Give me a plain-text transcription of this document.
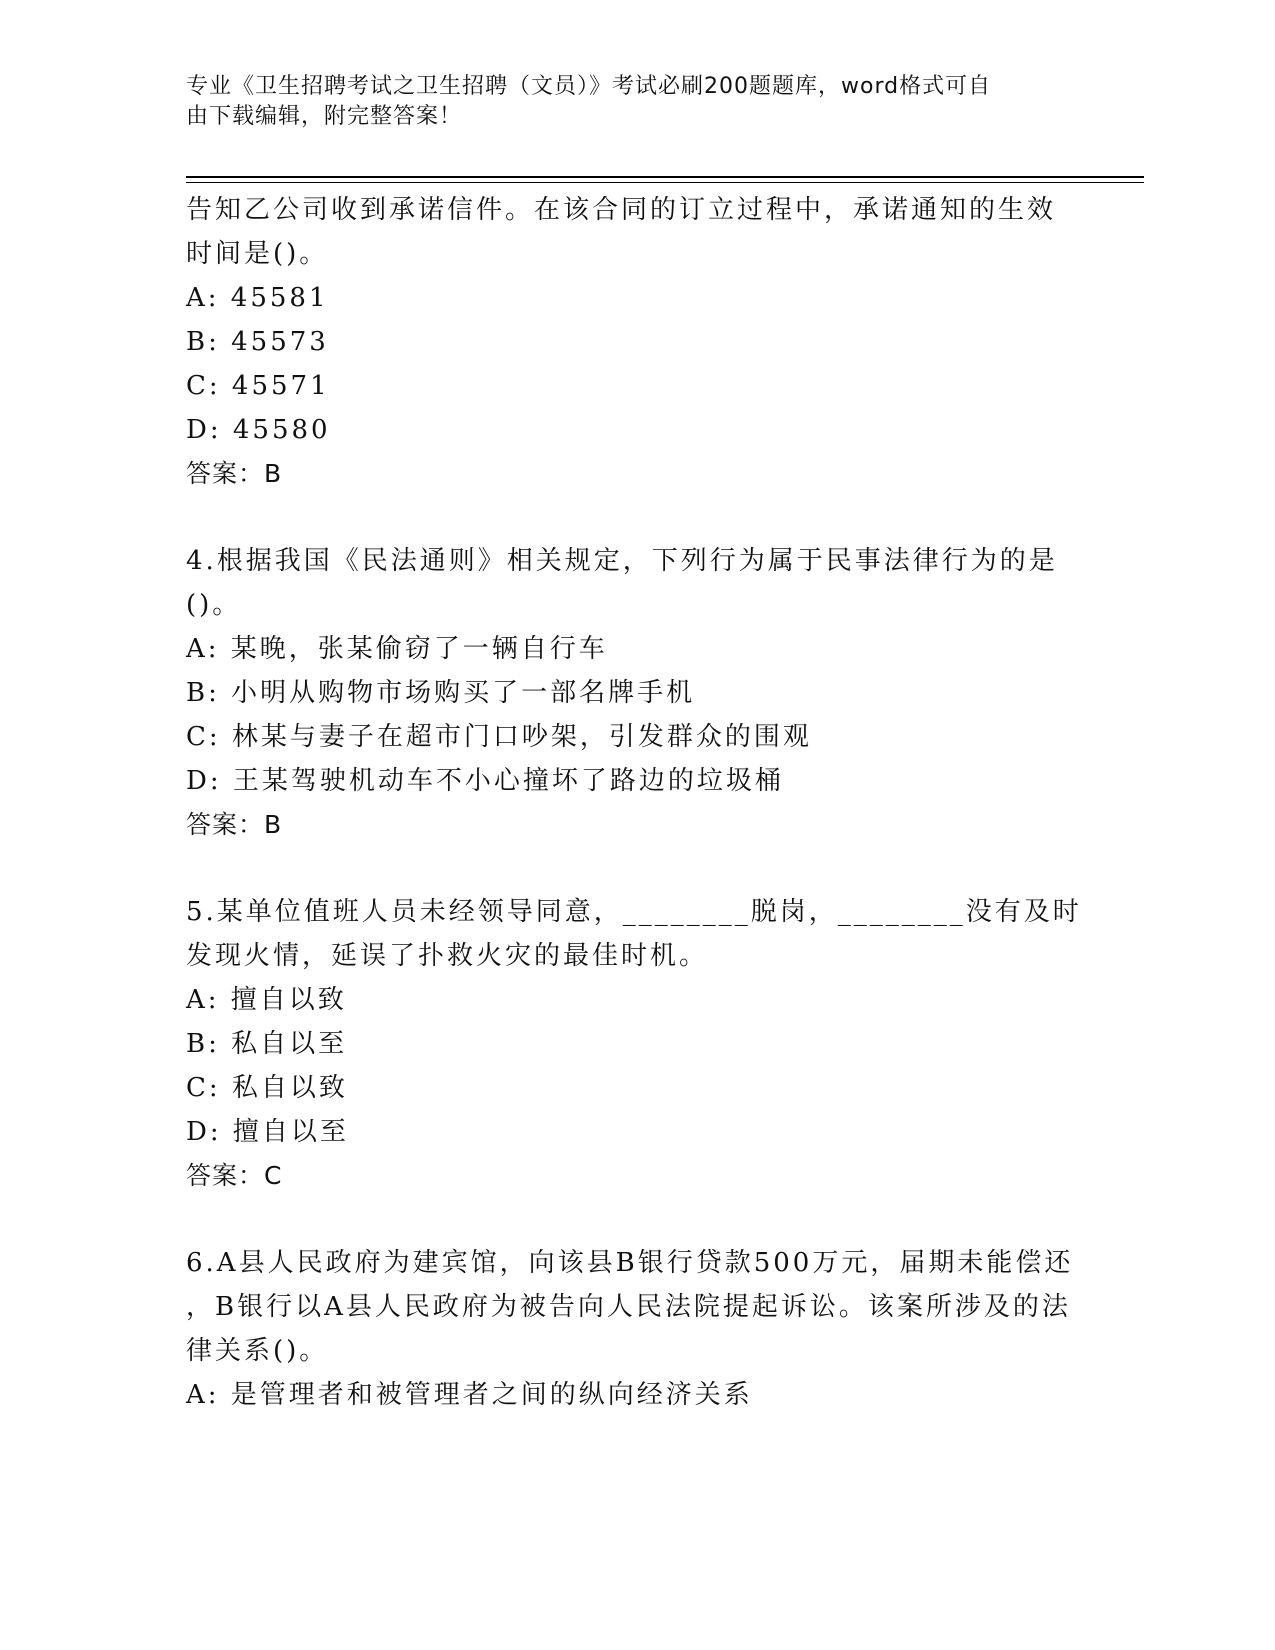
专业《卫生招聘考试之卫生招聘（文员）》考试必刷200题题库，word格式可自
由下载编辑，附完整答案！
告知乙公司收到承诺信件。在该合同的订立过程中，承诺通知的生效
时间是()。
A: 45581
B: 45573
C: 45571
D: 45580
答案：B
4.根据我国《民法通则》相关规定，下列行为属于民事法律行为的是
()。
A: 某晚，张某偷窃了一辆自行车
B: 小明从购物市场购买了一部名牌手机
C: 林某与妻子在超市门口吵架，引发群众的围观
D: 王某驾驶机动车不小心撞坏了路边的垃圾桶
答案：B
5.某单位值班人员未经领导同意，________脱岗，________没有及时
发现火情，延误了扑救火灾的最佳时机。
A: 擅自以致
B: 私自以至
C: 私自以致
D: 擅自以至
答案：C
6.A县人民政府为建宾馆，向该县B银行贷款500万元，届期未能偿还
，B银行以A县人民政府为被告向人民法院提起诉讼。该案所涉及的法
律关系()。
A: 是管理者和被管理者之间的纵向经济关系
